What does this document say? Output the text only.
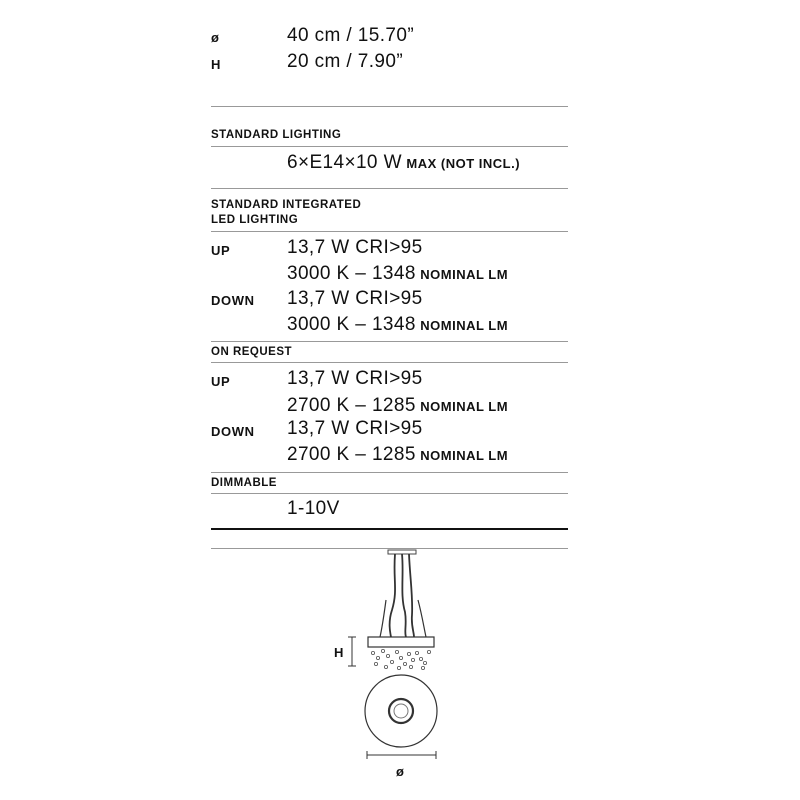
ø	40 cm / 15.70”
H	20 cm / 7.90”
STANDARD LIGHTING
6×E14×10 W MAX (NOT INCL.)
STANDARD INTEGRATED
LED LIGHTING
UP	13,7 W CRI>95
3000 K – 1348 NOMINAL LM
DOWN 13,7 W CRI>95
3000 K – 1348 NOMINAL LM
ON REQUEST
UP	13,7 W CRI>95
2700 K – 1285 NOMINAL LM
DOWN 13,7 W CRI>95
2700 K – 1285 NOMINAL LM
DIMMABLE
1-10V
H
ø
